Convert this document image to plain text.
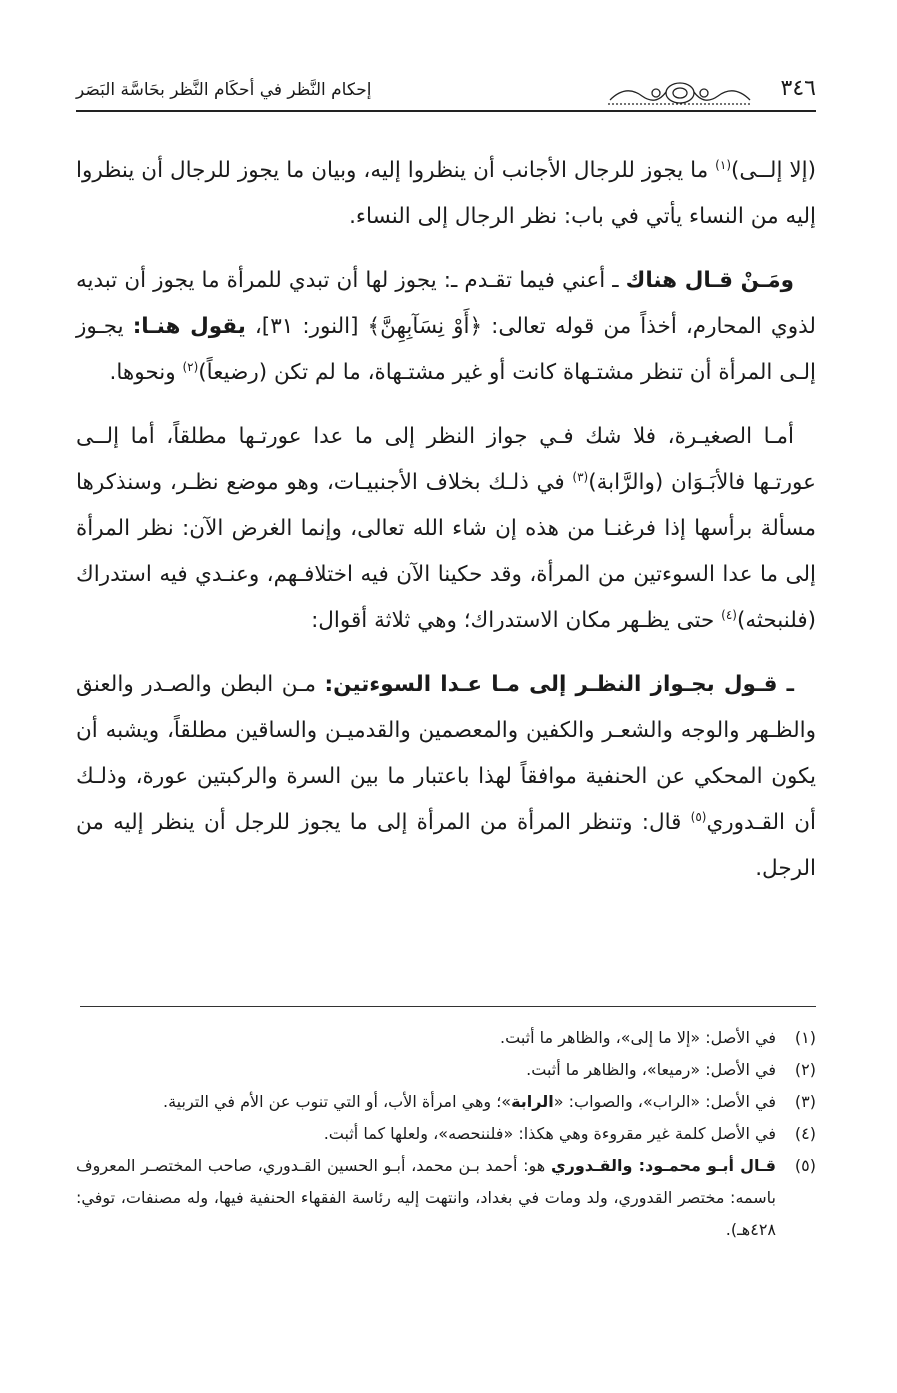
٣٤٦
إحكام النَّظر في أحكَام النَّظر بحَاسَّة البَصَر

(إلا إلــى)$^{(١)}$ ما يجوز للرجال الأجانب أن ينظروا إليه، وبيان ما يجوز للرجال أن ينظروا إليه من النساء يأتي في باب: نظر الرجال إلى النساء.

ومَـنْ قـال هناك ـ أعني فيما تقـدم ـ: يجوز لها أن تبدي للمرأة ما يجوز أن تبديه لذوي المحارم، أخذاً من قوله تعالى: ﴿أَوْ نِسَآبِهِنَّ﴾ [النور: ٣١]، يقول هنـا: يجـوز إلـى المرأة أن تنظر مشتـهاة كانت أو غير مشتـهاة، ما لم تكن (رضيعاً)$^{(٢)}$ ونحوها.

أمـا الصغيـرة، فلا شك فـي جواز النظر إلى ما عدا عورتـها مطلقاً، أما إلــى عورتـها فالأبَـوَان (والرَّابة)$^{(٣)}$ في ذلـك بخلاف الأجنبيـات، وهو موضع نظـر، وسنذكرها مسألة برأسها إذا فرغنـا من هذه إن شاء الله تعالى، وإنما الغرض الآن: نظر المرأة إلى ما عدا السوءتين من المرأة، وقد حكينا الآن فيه اختلافـهم، وعنـدي فيه استدراك (فلنبحثه)$^{(٤)}$ حتى يظـهر مكان الاستدراك؛ وهي ثلاثة أقوال:

ـ قـول بجـواز النظـر إلى مـا عـدا السوءتين: مـن البطن والصـدر والعنق والظـهر والوجه والشعـر والكفين والمعصمين والقدميـن والساقين مطلقاً، ويشبه أن يكون المحكي عن الحنفية موافقاً لهذا باعتبار ما بين السرة والركبتين عورة، وذلـك أن القـدوري$^{(٥)}$ قال: وتنظر المرأة من المرأة إلى ما يجوز للرجل أن ينظر إليه من الرجل.

(١)
في الأصل: «إلا ما إلى»، والظاهر ما أثبت.
(٢)
في الأصل: «رميعا»، والظاهر ما أثبت.
(٣)
في الأصل: «الراب»، والصواب: «الرابة»؛ وهي امرأة الأب، أو التي تنوب عن الأم في التربية.
(٤)
في الأصل كلمة غير مقروءة وهي هكذا: «فلننحصه»، ولعلها كما أثبت.
(٥)
قـال أبـو محمـود: والقـدوري هو: أحمد بـن محمد، أبـو الحسين القـدوري، صاحب المختصـر المعروف باسمه: مختصر القدوري، ولد ومات في بغداد، وانتهت إليه رئاسة الفقهاء الحنفية فيها، وله مصنفات، توفي: ٤٢٨هـ).
